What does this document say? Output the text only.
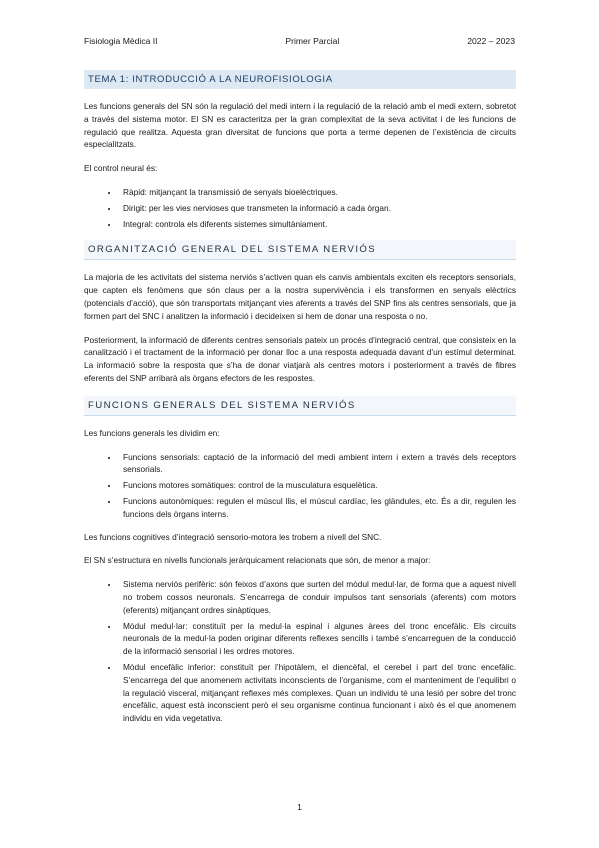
Fisiologia Mèdica II	Primer Parcial	2022 – 2023
TEMA 1: INTRODUCCIÓ A LA NEUROFISIOLOGIA

Les funcions generals del SN són la regulació del medi intern i la regulació de la relació amb el medi extern, sobretot a través del sistema motor. El SN es caracteritza per la gran complexitat de la seva activitat i de les funcions de regulació que realitza. Aquesta gran diversitat de funcions que porta a terme depenen de l’existència de circuits especialitzats.

El control neural és:

• Ràpid: mitjançant la transmissió de senyals bioelèctriques.
• Dirigit: per les vies nervioses que transmeten la informació a cada òrgan.
• Integral: controla els diferents sistemes simultàniament.
ORGANITZACIÓ GENERAL DEL SISTEMA NERVIÓS

La majoria de les activitats del sistema nerviós s’activen quan els canvis ambientals exciten els receptors sensorials, que capten els fenòmens que són claus per a la nostra supervivència i els transformen en senyals elèctrics (potencials d’acció), que són transportats mitjançant vies aferents a través del SNP fins als centres sensorials, que ja formen part del SNC i analitzen la informació i decideixen si hem de donar una resposta o no.

Posteriorment, la informació de diferents centres sensorials pateix un procés d’integració central, que consisteix en la canalització i el tractament de la informació per donar lloc a una resposta adequada davant d’un estímul determinat. La informació sobre la resposta que s’ha de donar viatjarà als centres motors i posteriorment a través de fibres eferents del SNP arribarà als òrgans efectors de les respostes.

FUNCIONS GENERALS DEL SISTEMA NERVIÓS

Les funcions generals les dividim en:

• Funcions sensorials: captació de la informació del medi ambient intern i extern a través dels receptors sensorials.
• Funcions motores somàtiques: control de la musculatura esquelètica.
• Funcions autonòmiques: regulen el múscul llis, el múscul cardíac, les glàndules, etc. És a dir, regulen les funcions dels òrgans interns.

Les funcions cognitives d’integració sensorio-motora les trobem a nivell del SNC.

El SN s’estructura en nivells funcionals jeràrquicament relacionats que són, de menor a major:

• Sistema nerviós perifèric: són feixos d’axons que surten del mòdul medul·lar, de forma que a aquest nivell no trobem cossos neuronals. S’encarrega de conduir impulsos tant sensorials (aferents) com motors (eferents) mitjançant ordres sinàptiques.
• Mòdul medul·lar: constituït per la medul·la espinal i algunes àrees del tronc encefàlic. Els circuits neuronals de la medul·la poden originar diferents reflexes sencills i també s’encarreguen de la conducció de la informació sensorial i les ordres motores.
• Mòdul encefàlic inferior: constituït per l’hipotàlem, el diencèfal, el cerebel i part del tronc encefàlic. S’encarrega del que anomenem activitats inconscients de l’organisme, com el manteniment de l’equilibri o la regulació visceral, mitjançant reflexes més complexes. Quan un individu té una lesió per sobre del tronc encefàlic, aquest està inconscient però el seu organisme continua funcionant i això és el que anomenem individu en vida vegetativa.
1
